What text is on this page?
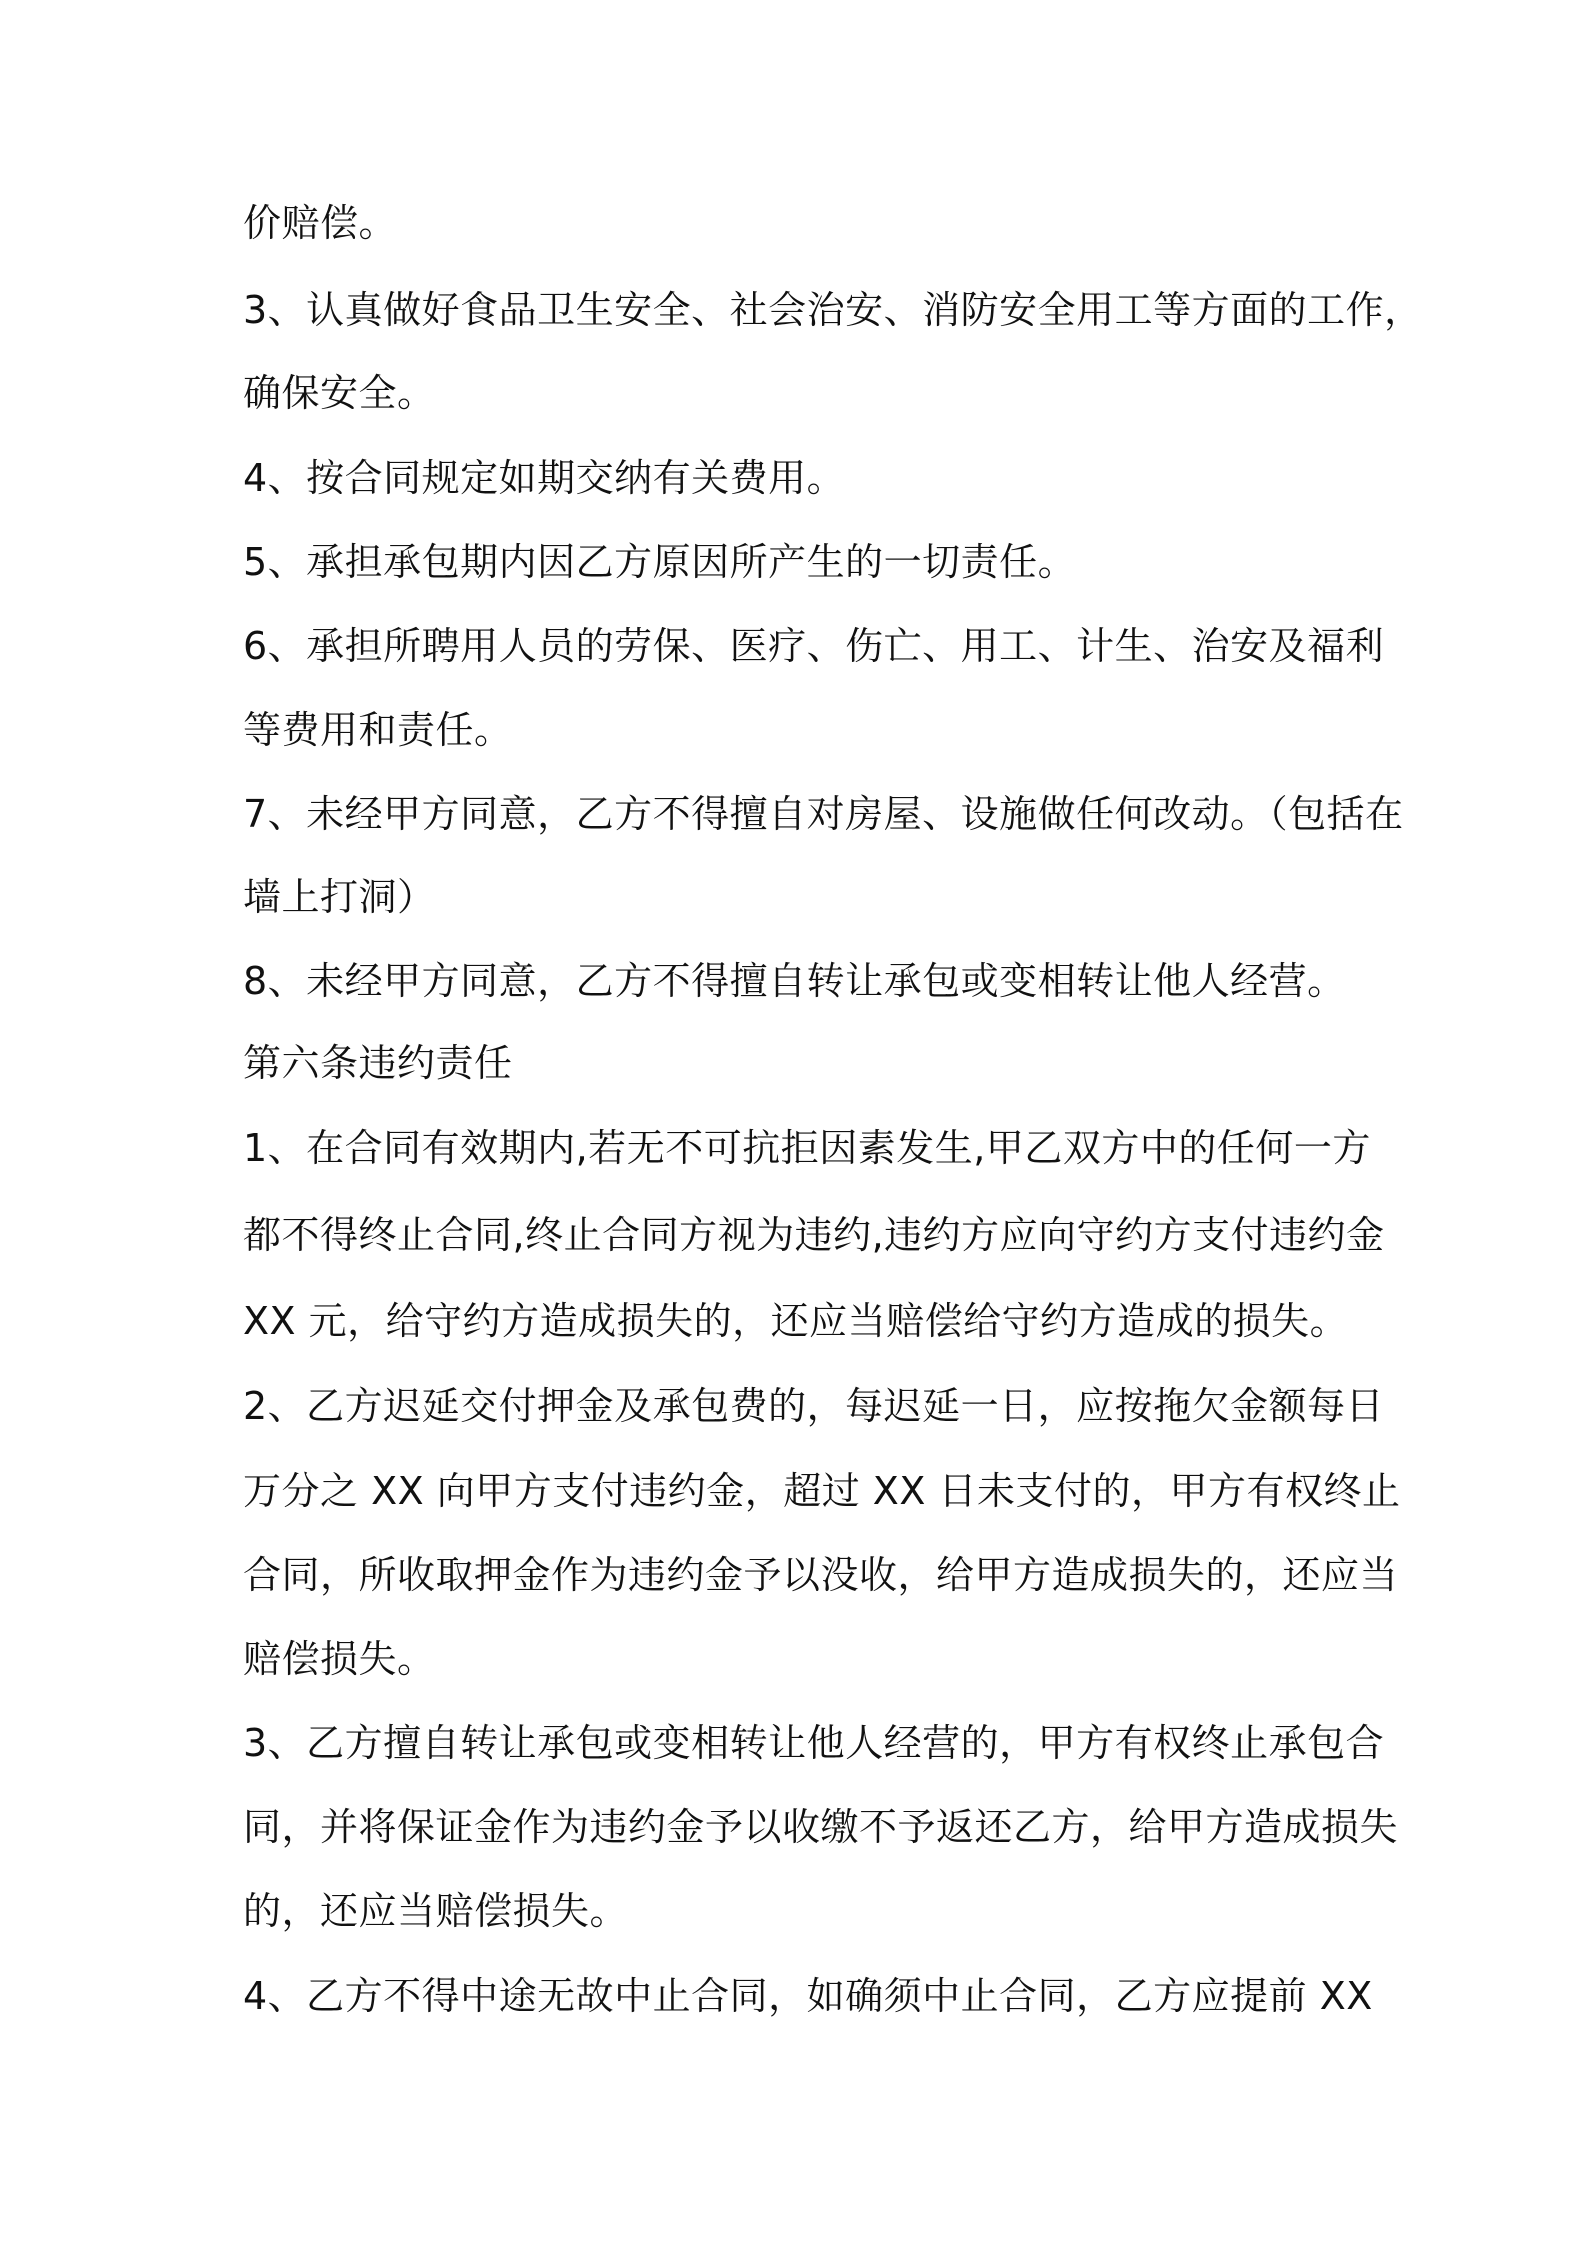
价赔偿。
3、认真做好食品卫生安全、社会治安、消防安全用工等方面的工作，
确保安全。
4、按合同规定如期交纳有关费用。
5、承担承包期内因乙方原因所产生的一切责任。
6、承担所聘用人员的劳保、医疗、伤亡、用工、计生、治安及福利
等费用和责任。
7、未经甲方同意，乙方不得擅自对房屋、设施做任何改动。（包括在
墙上打洞）
8、未经甲方同意，乙方不得擅自转让承包或变相转让他人经营。
第六条违约责任
1、在合同有效期内,若无不可抗拒因素发生,甲乙双方中的任何一方
都不得终止合同,终止合同方视为违约,违约方应向守约方支付违约金
XX 元，给守约方造成损失的，还应当赔偿给守约方造成的损失。
2、乙方迟延交付押金及承包费的，每迟延一日，应按拖欠金额每日
万分之 XX 向甲方支付违约金，超过 XX 日未支付的，甲方有权终止
合同，所收取押金作为违约金予以没收，给甲方造成损失的，还应当
赔偿损失。
3、乙方擅自转让承包或变相转让他人经营的，甲方有权终止承包合
同，并将保证金作为违约金予以收缴不予返还乙方，给甲方造成损失
的，还应当赔偿损失。
4、乙方不得中途无故中止合同，如确须中止合同，乙方应提前 XX
